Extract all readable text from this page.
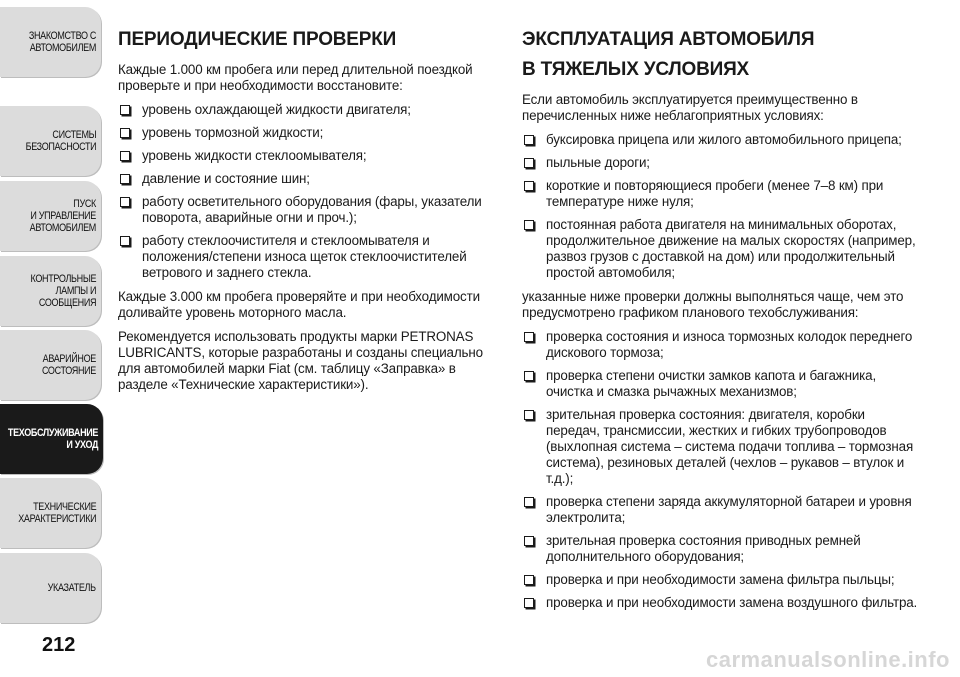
ЗНАКОМСТВО С
АВТОМОБИЛЕМ
СИСТЕМЫ
БЕЗОПАСНОСТИ
ПУСК
И УПРАВЛЕНИЕ
АВТОМОБИЛЕМ
КОНТРОЛЬНЫЕ
ЛАМПЫ И
СООБЩЕНИЯ
АВАРИЙНОЕ
СОСТОЯНИЕ
ТЕХОБСЛУЖИВАНИЕ
И УХОД
ТЕХНИЧЕСКИЕ
ХАРАКТЕРИСТИКИ
УКАЗАТЕЛЬ
212
ПЕРИОДИЧЕСКИЕ ПРОВЕРКИ

Каждые 1.000 км пробега или перед длительной поездкой проверьте и при необходимости восстановите:

уровень охлаждающей жидкости двигателя;
уровень тормозной жидкости;
уровень жидкости стеклоомывателя;
давление и состояние шин;
работу осветительного оборудования (фары, указатели поворота, аварийные огни и проч.);
работу стеклоочистителя и стеклоомывателя и положения/степени износа щеток стеклоочистителей ветрового и заднего стекла.

Каждые 3.000 км пробега проверяйте и при необходимости доливайте уровень моторного масла.

Рекомендуется использовать продукты марки PETRONAS LUBRICANTS, которые разработаны и созданы специально для автомобилей марки Fiat (см. таблицу «Заправка» в разделе «Технические характеристики»).

ЭКСПЛУАТАЦИЯ АВТОМОБИЛЯ
В ТЯЖЕЛЫХ УСЛОВИЯХ

Если автомобиль эксплуатируется преимущественно в перечисленных ниже неблагоприятных условиях:

буксировка прицепа или жилого автомобильного прицепа;
пыльные дороги;
короткие и повторяющиеся пробеги (менее 7–8 км) при температуре ниже нуля;
постоянная работа двигателя на минимальных оборотах, продолжительное движение на малых скоростях (например, развоз грузов с доставкой на дом) или продолжительный простой автомобиля;

указанные ниже проверки должны выполняться чаще, чем это предусмотрено графиком планового техобслуживания:

проверка состояния и износа тормозных колодок переднего дискового тормоза;
проверка степени очистки замков капота и багажника, очистка и смазка рычажных механизмов;
зрительная проверка состояния: двигателя, коробки передач, трансмиссии, жестких и гибких трубопроводов (выхлопная система – система подачи топлива – тормозная система), резиновых деталей (чехлов – рукавов – втулок и т.д.);
проверка степени заряда аккумуляторной батареи и уровня электролита;
зрительная проверка состояния приводных ремней дополнительного оборудования;
проверка и при необходимости замена фильтра пыльцы;
проверка и при необходимости замена воздушного фильтра.
carmanualsonline.info
